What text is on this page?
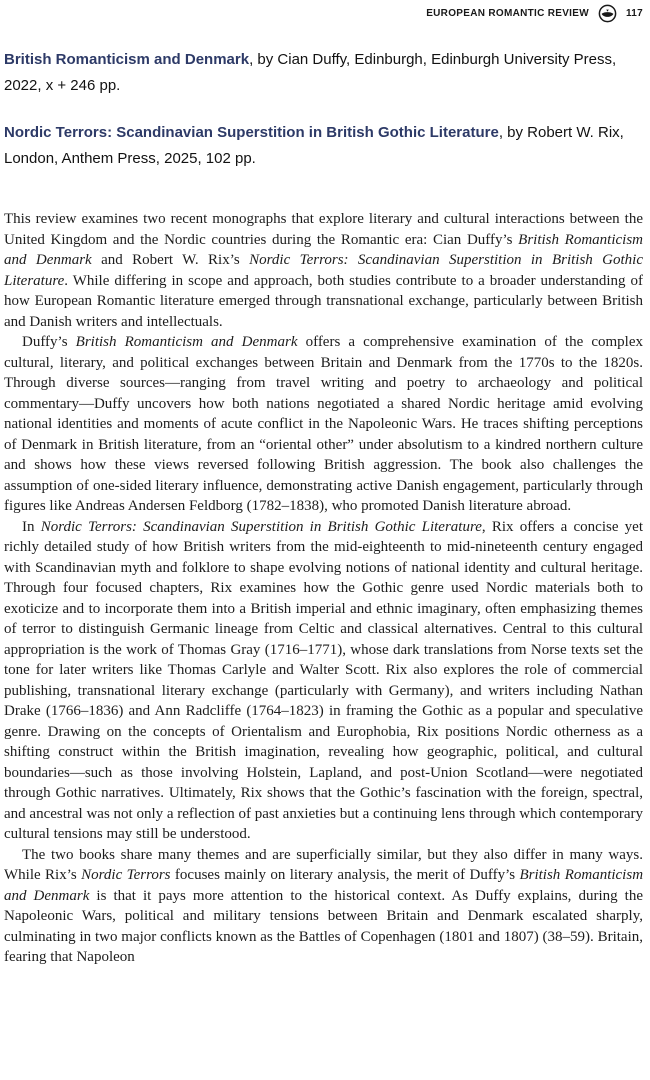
EUROPEAN ROMANTIC REVIEW	117

British Romanticism and Denmark, by Cian Duffy, Edinburgh, Edinburgh University Press, 2022, x + 246 pp.

Nordic Terrors: Scandinavian Superstition in British Gothic Literature, by Robert W. Rix, London, Anthem Press, 2025, 102 pp.

This review examines two recent monographs that explore literary and cultural interactions between the United Kingdom and the Nordic countries during the Romantic era: Cian Duffy’s British Romanticism and Denmark and Robert W. Rix’s Nordic Terrors: Scandinavian Superstition in British Gothic Literature. While differing in scope and approach, both studies contribute to a broader understanding of how European Romantic literature emerged through transnational exchange, particularly between British and Danish writers and intellectuals.

Duffy’s British Romanticism and Denmark offers a comprehensive examination of the complex cultural, literary, and political exchanges between Britain and Denmark from the 1770s to the 1820s. Through diverse sources—ranging from travel writing and poetry to archaeology and political commentary—Duffy uncovers how both nations negotiated a shared Nordic heritage amid evolving national identities and moments of acute conflict in the Napoleonic Wars. He traces shifting perceptions of Denmark in British literature, from an “oriental other” under absolutism to a kindred northern culture and shows how these views reversed following British aggression. The book also challenges the assumption of one-sided literary influence, demonstrating active Danish engagement, particularly through figures like Andreas Andersen Feldborg (1782–1838), who promoted Danish literature abroad.

In Nordic Terrors: Scandinavian Superstition in British Gothic Literature, Rix offers a concise yet richly detailed study of how British writers from the mid-eighteenth to mid-nineteenth century engaged with Scandinavian myth and folklore to shape evolving notions of national identity and cultural heritage. Through four focused chapters, Rix examines how the Gothic genre used Nordic materials both to exoticize and to incorporate them into a British imperial and ethnic imaginary, often emphasizing themes of terror to distinguish Germanic lineage from Celtic and classical alternatives. Central to this cultural appropriation is the work of Thomas Gray (1716–1771), whose dark translations from Norse texts set the tone for later writers like Thomas Carlyle and Walter Scott. Rix also explores the role of commercial publishing, transnational literary exchange (particularly with Germany), and writers including Nathan Drake (1766–1836) and Ann Radcliffe (1764–1823) in framing the Gothic as a popular and speculative genre. Drawing on the concepts of Orientalism and Europhobia, Rix positions Nordic otherness as a shifting construct within the British imagination, revealing how geographic, political, and cultural boundaries—such as those involving Holstein, Lapland, and post-Union Scotland—were negotiated through Gothic narratives. Ultimately, Rix shows that the Gothic’s fascination with the foreign, spectral, and ancestral was not only a reflection of past anxieties but a continuing lens through which contemporary cultural tensions may still be understood.

The two books share many themes and are superficially similar, but they also differ in many ways. While Rix’s Nordic Terrors focuses mainly on literary analysis, the merit of Duffy’s British Romanticism and Denmark is that it pays more attention to the historical context. As Duffy explains, during the Napoleonic Wars, political and military tensions between Britain and Denmark escalated sharply, culminating in two major conflicts known as the Battles of Copenhagen (1801 and 1807) (38–59). Britain, fearing that Napoleon
